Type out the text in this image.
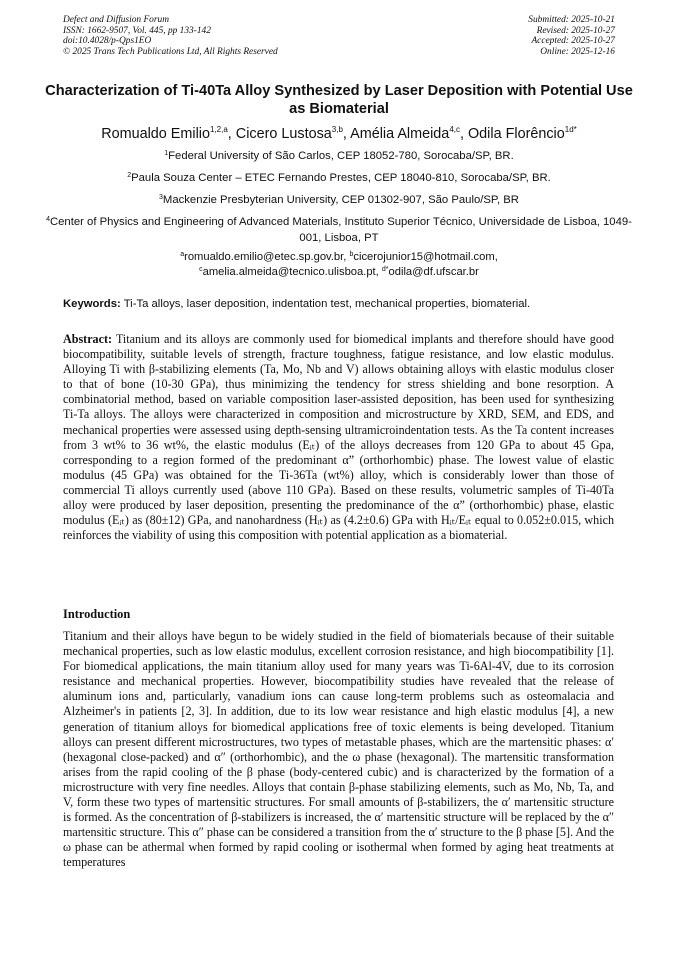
Defect and Diffusion Forum
ISSN: 1662-9507, Vol. 445, pp 133-142
doi:10.4028/p-Qps1EO
© 2025 Trans Tech Publications Ltd, All Rights Reserved
Submitted: 2025-10-21
Revised: 2025-10-27
Accepted: 2025-10-27
Online: 2025-12-16
Characterization of Ti-40Ta Alloy Synthesized by Laser Deposition with Potential Use as Biomaterial
Romualdo Emilio$^{1,2,a}$, Cicero Lustosa$^{3,b}$, Amélia Almeida$^{4,c}$, Odila Florêncio$^{1d*}$

$^1$Federal University of São Carlos, CEP 18052-780, Sorocaba/SP, BR.

$^2$Paula Souza Center – ETEC Fernando Prestes, CEP 18040-810, Sorocaba/SP, BR.

$^3$Mackenzie Presbyterian University, CEP 01302-907, São Paulo/SP, BR

$^4$Center of Physics and Engineering of Advanced Materials, Instituto Superior Técnico, Universidade de Lisboa, 1049-001, Lisboa, PT

$^a$romualdo.emilio@etec.sp.gov.br, $^b$cicerojunior15@hotmail.com,
$^c$amelia.almeida@tecnico.ulisboa.pt, $^{d*}$odila@df.ufscar.br
Keywords: Ti-Ta alloys, laser deposition, indentation test, mechanical properties, biomaterial.

Abstract: Titanium and its alloys are commonly used for biomedical implants and therefore should have good biocompatibility, suitable levels of strength, fracture toughness, fatigue resistance, and low elastic modulus. Alloying Ti with β-stabilizing elements (Ta, Mo, Nb and V) allows obtaining alloys with elastic modulus closer to that of bone (10-30 GPa), thus minimizing the tendency for stress shielding and bone resorption. A combinatorial method, based on variable composition laser-assisted deposition, has been used for synthesizing Ti-Ta alloys. The alloys were characterized in composition and microstructure by XRD, SEM, and EDS, and mechanical properties were assessed using depth-sensing ultramicroindentation tests. As the Ta content increases from 3 wt% to 36 wt%, the elastic modulus (Eᵢₜ) of the alloys decreases from 120 GPa to about 45 Gpa, corresponding to a region formed of the predominant α” (orthorhombic) phase. The lowest value of elastic modulus (45 GPa) was obtained for the Ti-36Ta (wt%) alloy, which is considerably lower than those of commercial Ti alloys currently used (above 110 GPa). Based on these results, volumetric samples of Ti-40Ta alloy were produced by laser deposition, presenting the predominance of the α” (orthorhombic) phase, elastic modulus (Eᵢₜ) as (80±12) GPa, and nanohardness (Hᵢₜ) as (4.2±0.6) GPa with Hᵢₜ/Eᵢₜ equal to 0.052±0.015, which reinforces the viability of using this composition with potential application as a biomaterial.

Introduction

Titanium and their alloys have begun to be widely studied in the field of biomaterials because of their suitable mechanical properties, such as low elastic modulus, excellent corrosion resistance, and high biocompatibility [1]. For biomedical applications, the main titanium alloy used for many years was Ti-6Al-4V, due to its corrosion resistance and mechanical properties. However, biocompatibility studies have revealed that the release of aluminum ions and, particularly, vanadium ions can cause long-term problems such as osteomalacia and Alzheimer's in patients [2, 3]. In addition, due to its low wear resistance and high elastic modulus [4], a new generation of titanium alloys for biomedical applications free of toxic elements is being developed. Titanium alloys can present different microstructures, two types of metastable phases, which are the martensitic phases: α′ (hexagonal close-packed) and α″ (orthorhombic), and the ω phase (hexagonal). The martensitic transformation arises from the rapid cooling of the β phase (body-centered cubic) and is characterized by the formation of a microstructure with very fine needles. Alloys that contain β-phase stabilizing elements, such as Mo, Nb, Ta, and V, form these two types of martensitic structures. For small amounts of β-stabilizers, the α′ martensitic structure is formed. As the concentration of β-stabilizers is increased, the α′ martensitic structure will be replaced by the α″ martensitic structure. This α″ phase can be considered a transition from the α′ structure to the β phase [5]. And the ω phase can be athermal when formed by rapid cooling or isothermal when formed by aging heat treatments at temperatures
